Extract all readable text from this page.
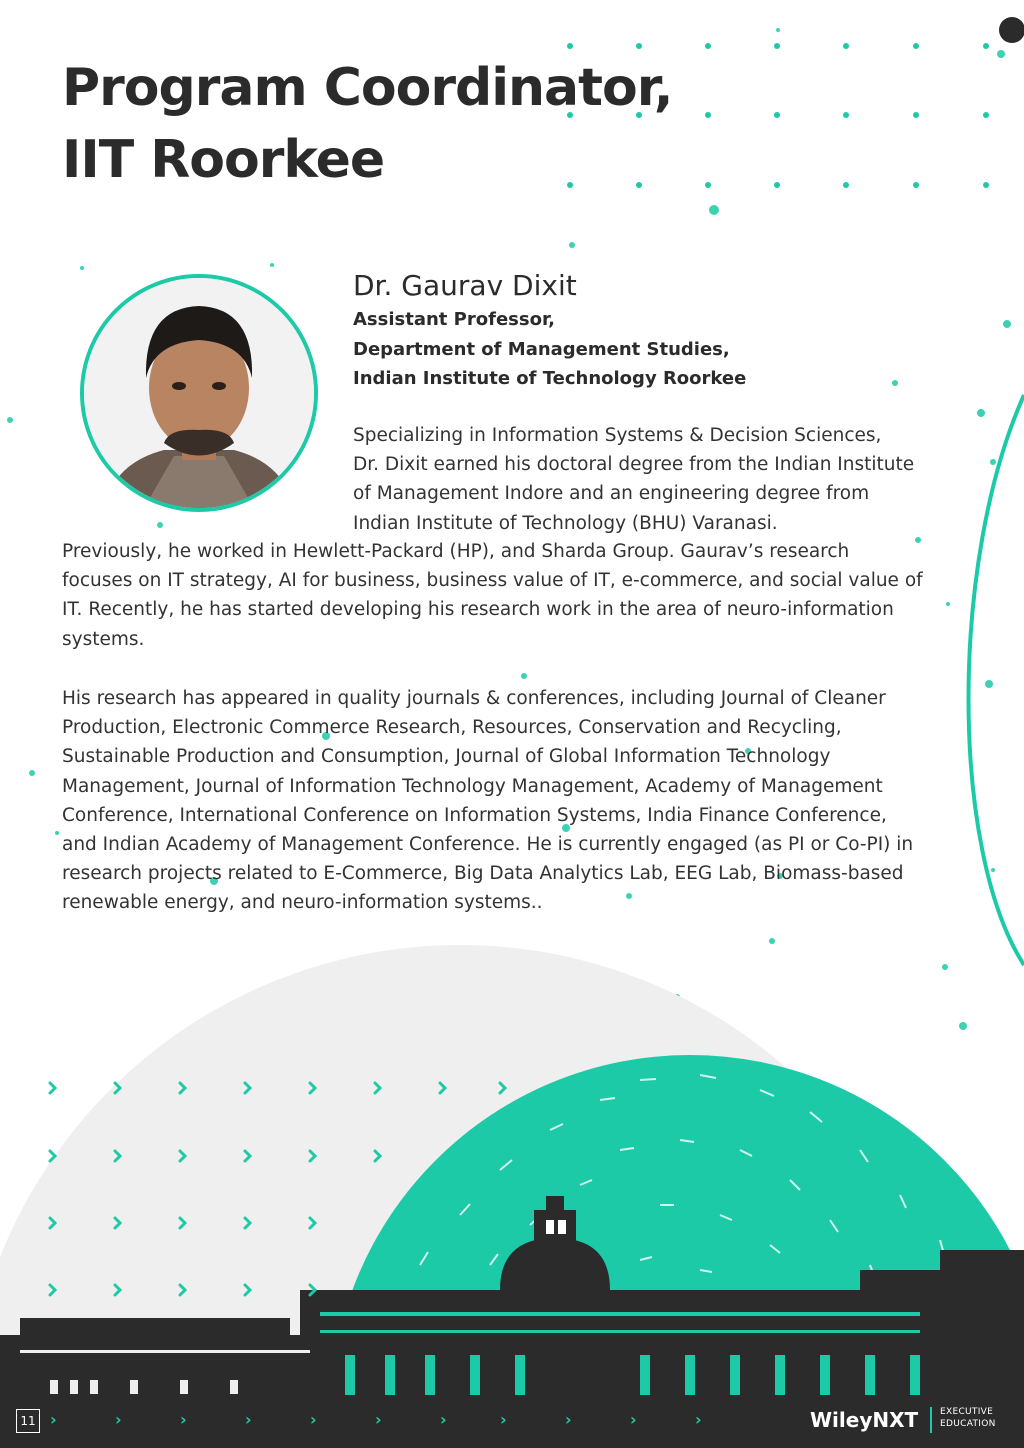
Program Coordinator,
IIT Roorkee
Dr. Gaurav Dixit
Assistant Professor,
Department of Management Studies,
Indian Institute of Technology Roorkee
Specializing in Information Systems & Decision Sciences,
Dr. Dixit earned his doctoral degree from the Indian Institute
of Management Indore and an engineering degree from
Indian Institute of Technology (BHU) Varanasi.
Previously, he worked in Hewlett-Packard (HP), and Sharda Group. Gaurav’s research
focuses on IT strategy, AI for business, business value of IT, e-commerce, and social value of
IT. Recently, he has started developing his research work in the area of neuro-information
systems.
His research has appeared in quality journals & conferences, including Journal of Cleaner
Production, Electronic Commerce Research, Resources, Conservation and Recycling,
Sustainable Production and Consumption, Journal of Global Information Technology
Management, Journal of Information Technology Management, Academy of Management
Conference, International Conference on Information Systems, India Finance Conference,
and Indian Academy of Management Conference. He is currently engaged (as PI or Co-PI) in
research projects related to E-Commerce, Big Data Analytics Lab, EEG Lab, Biomass-based
renewable energy, and neuro-information systems..
11 ›	›	›	›	›	›	›	›	›	›	›	WileyNXT EXECUTIVE
EDUCATION
